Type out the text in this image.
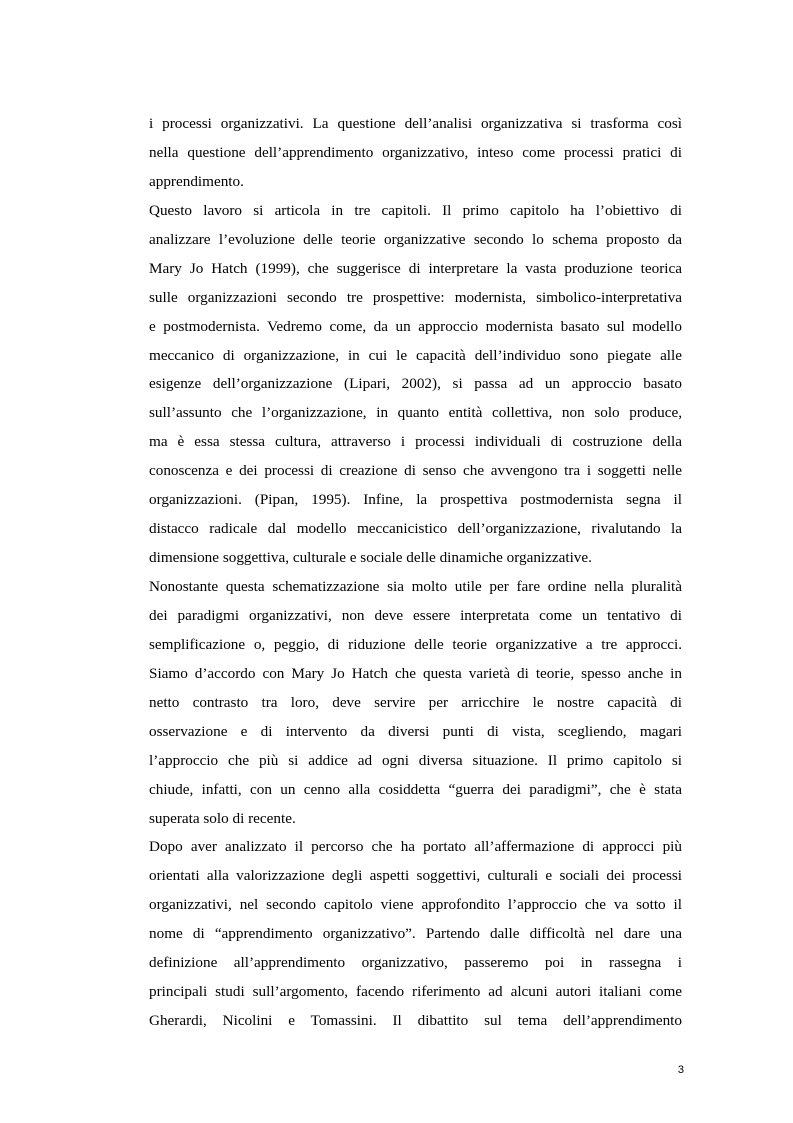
i processi organizzativi. La questione dell’analisi organizzativa si trasforma così
nella questione dell’apprendimento organizzativo, inteso come processi pratici di
apprendimento.
Questo lavoro si articola in tre capitoli. Il primo capitolo ha l’obiettivo di
analizzare l’evoluzione delle teorie organizzative secondo lo schema proposto da
Mary Jo Hatch (1999), che suggerisce di interpretare la vasta produzione teorica
sulle organizzazioni secondo tre prospettive: modernista, simbolico-interpretativa
e postmodernista. Vedremo come, da un approccio modernista basato sul modello
meccanico di organizzazione, in cui le capacità dell’individuo sono piegate alle
esigenze dell’organizzazione (Lipari, 2002), si passa ad un approccio basato
sull’assunto che l’organizzazione, in quanto entità collettiva, non solo produce,
ma è essa stessa cultura, attraverso i processi individuali di costruzione della
conoscenza e dei processi di creazione di senso che avvengono tra i soggetti nelle
organizzazioni. (Pipan, 1995). Infine, la prospettiva postmodernista segna il
distacco radicale dal modello meccanicistico dell’organizzazione, rivalutando la
dimensione soggettiva, culturale e sociale delle dinamiche organizzative.
Nonostante questa schematizzazione sia molto utile per fare ordine nella pluralità
dei paradigmi organizzativi, non deve essere interpretata come un tentativo di
semplificazione o, peggio, di riduzione delle teorie organizzative a tre approcci.
Siamo d’accordo con Mary Jo Hatch che questa varietà di teorie, spesso anche in
netto contrasto tra loro, deve servire per arricchire le nostre capacità di
osservazione e di intervento da diversi punti di vista, scegliendo, magari
l’approccio che più si addice ad ogni diversa situazione. Il primo capitolo si
chiude, infatti, con un cenno alla cosiddetta “guerra dei paradigmi”, che è stata
superata solo di recente.
Dopo aver analizzato il percorso che ha portato all’affermazione di approcci più
orientati alla valorizzazione degli aspetti soggettivi, culturali e sociali dei processi
organizzativi, nel secondo capitolo viene approfondito l’approccio che va sotto il
nome di “apprendimento organizzativo”. Partendo dalle difficoltà nel dare una
definizione all’apprendimento organizzativo, passeremo poi in rassegna i
principali studi sull’argomento, facendo riferimento ad alcuni autori italiani come
Gherardi, Nicolini e Tomassini. Il dibattito sul tema dell’apprendimento
3
